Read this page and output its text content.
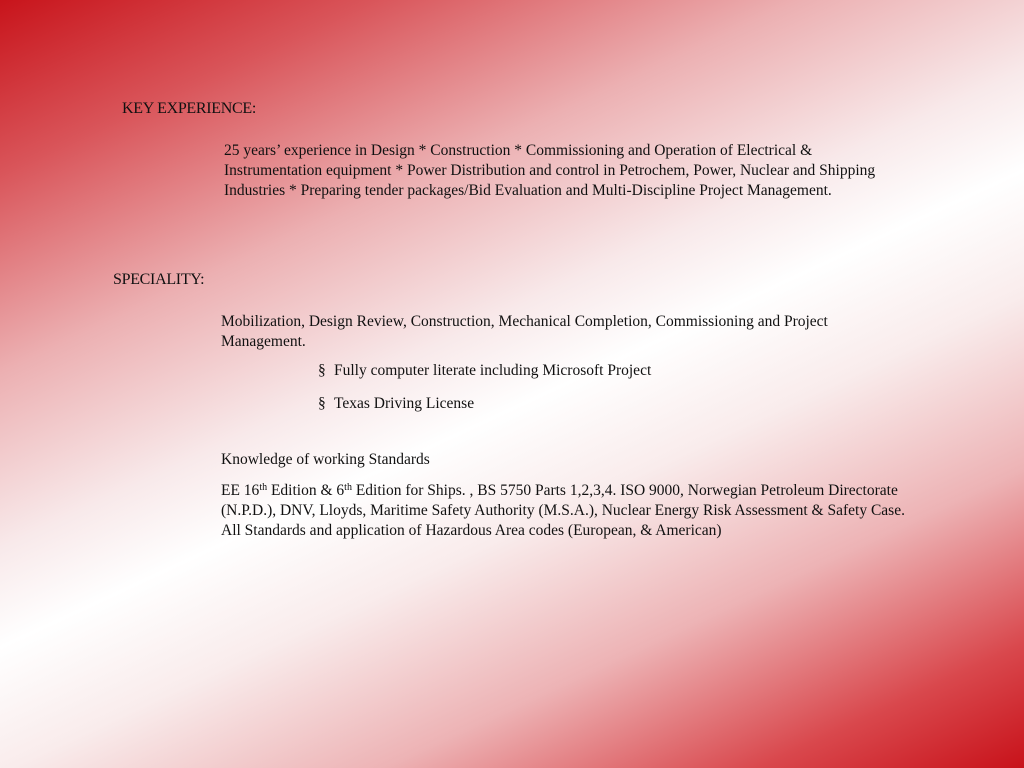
KEY EXPERIENCE:
25 years’ experience in Design * Construction * Commissioning and Operation of Electrical & Instrumentation equipment * Power Distribution and control in Petrochem, Power, Nuclear and Shipping Industries * Preparing tender packages/Bid Evaluation and Multi-Discipline Project Management.
SPECIALITY:
Mobilization, Design Review, Construction, Mechanical Completion, Commissioning and Project Management.
§ Fully computer literate including Microsoft Project
§ Texas Driving License
Knowledge of working Standards
EE 16th Edition & 6th Edition for Ships. , BS 5750 Parts 1,2,3,4. ISO 9000, Norwegian Petroleum Directorate (N.P.D.), DNV, Lloyds, Maritime Safety Authority (M.S.A.), Nuclear Energy Risk Assessment & Safety Case. All Standards and application of Hazardous Area codes (European, & American)
